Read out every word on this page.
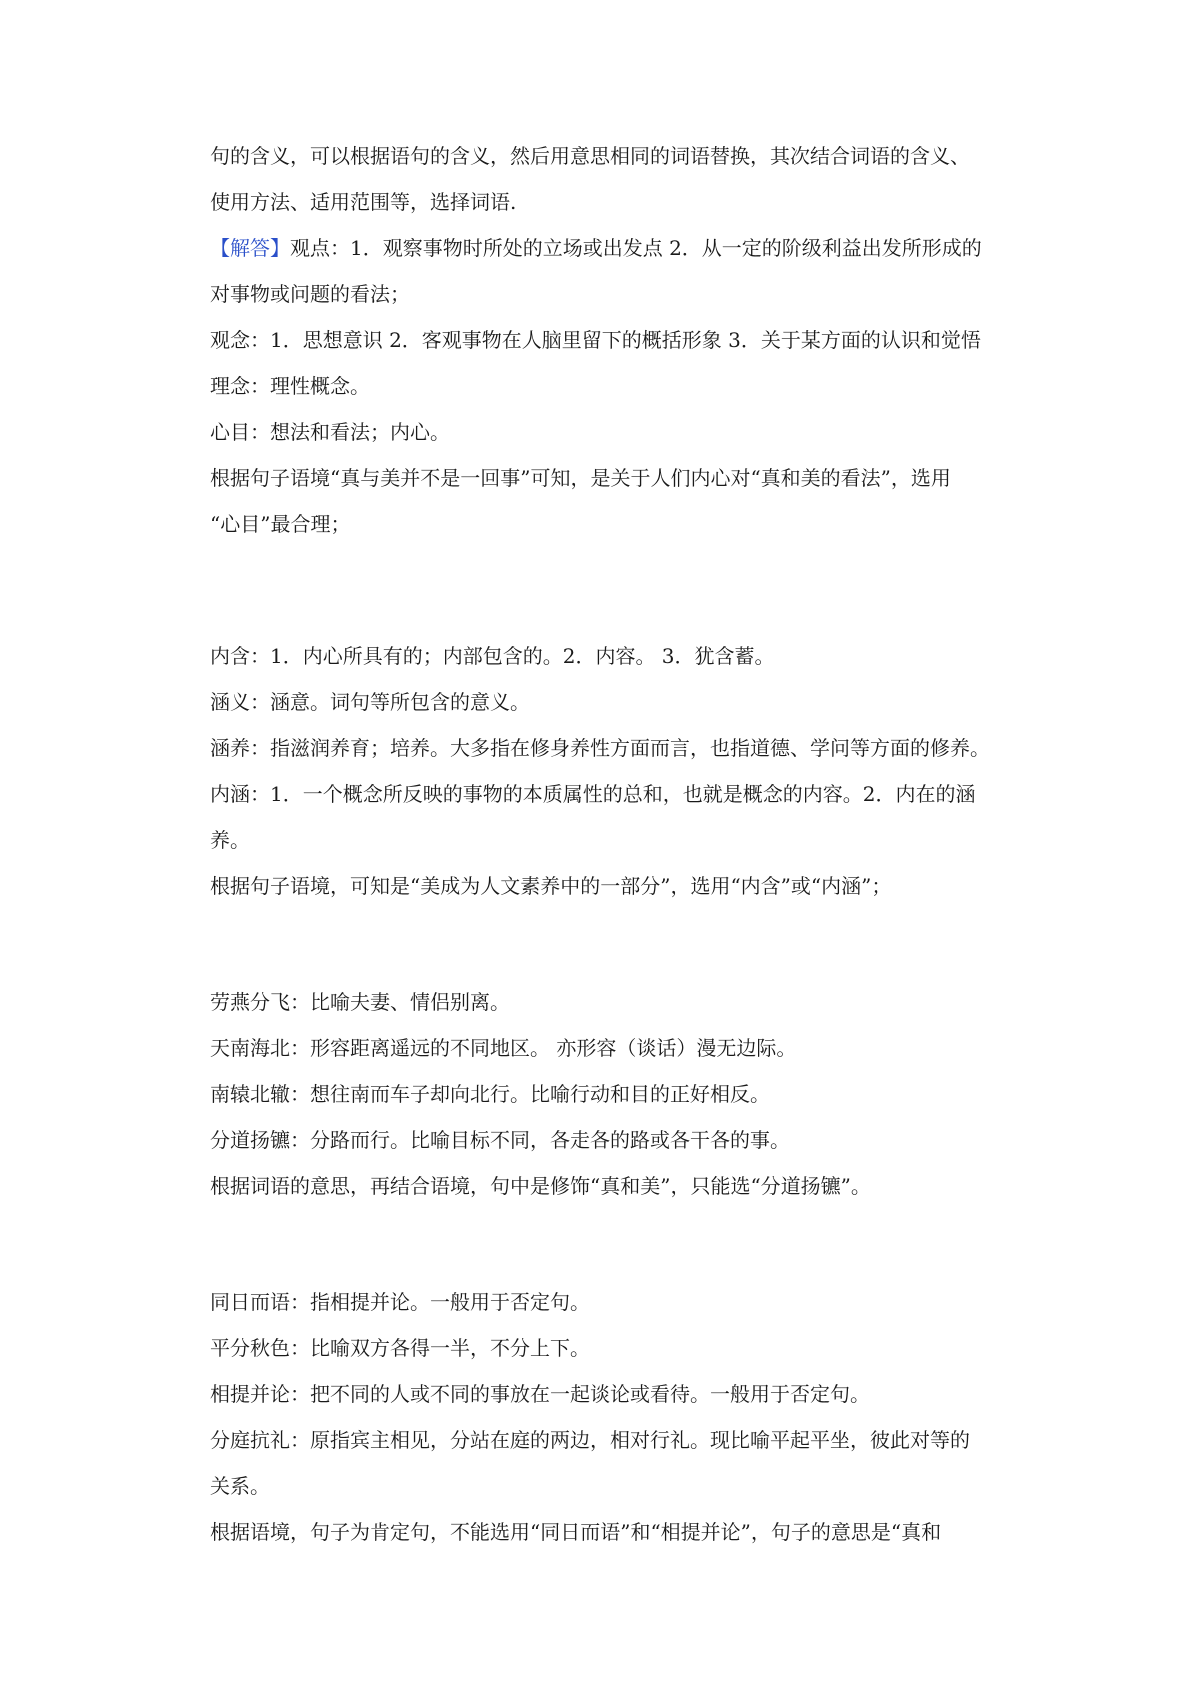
句的含义，可以根据语句的含义，然后用意思相同的词语替换，其次结合词语的含义、
使用方法、适用范围等，选择词语.
【解答】观点：1．观察事物时所处的立场或出发点 2．从一定的阶级利益出发所形成的
对事物或问题的看法；
观念：1．思想意识 2．客观事物在人脑里留下的概括形象 3．关于某方面的认识和觉悟
理念：理性概念。
心目：想法和看法；内心。
根据句子语境“真与美并不是一回事”可知，是关于人们内心对“真和美的看法”，选用
“心目”最合理；
内含：1．内心所具有的；内部包含的。2．内容。 3．犹含蓄。
涵义：涵意。词句等所包含的意义。
涵养：指滋润养育；培养。大多指在修身养性方面而言，也指道德、学问等方面的修养。
内涵：1．一个概念所反映的事物的本质属性的总和，也就是概念的内容。2．内在的涵
养。
根据句子语境，可知是“美成为人文素养中的一部分”，选用“内含”或“内涵”；
劳燕分飞：比喻夫妻、情侣别离。
天南海北：形容距离遥远的不同地区。 亦形容（谈话）漫无边际。
南辕北辙：想往南而车子却向北行。比喻行动和目的正好相反。
分道扬镳：分路而行。比喻目标不同，各走各的路或各干各的事。
根据词语的意思，再结合语境，句中是修饰“真和美”，只能选“分道扬镳”。
同日而语：指相提并论。一般用于否定句。
平分秋色：比喻双方各得一半，不分上下。
相提并论：把不同的人或不同的事放在一起谈论或看待。一般用于否定句。
分庭抗礼：原指宾主相见，分站在庭的两边，相对行礼。现比喻平起平坐，彼此对等的
关系。
根据语境，句子为肯定句，不能选用“同日而语”和“相提并论”，句子的意思是“真和
